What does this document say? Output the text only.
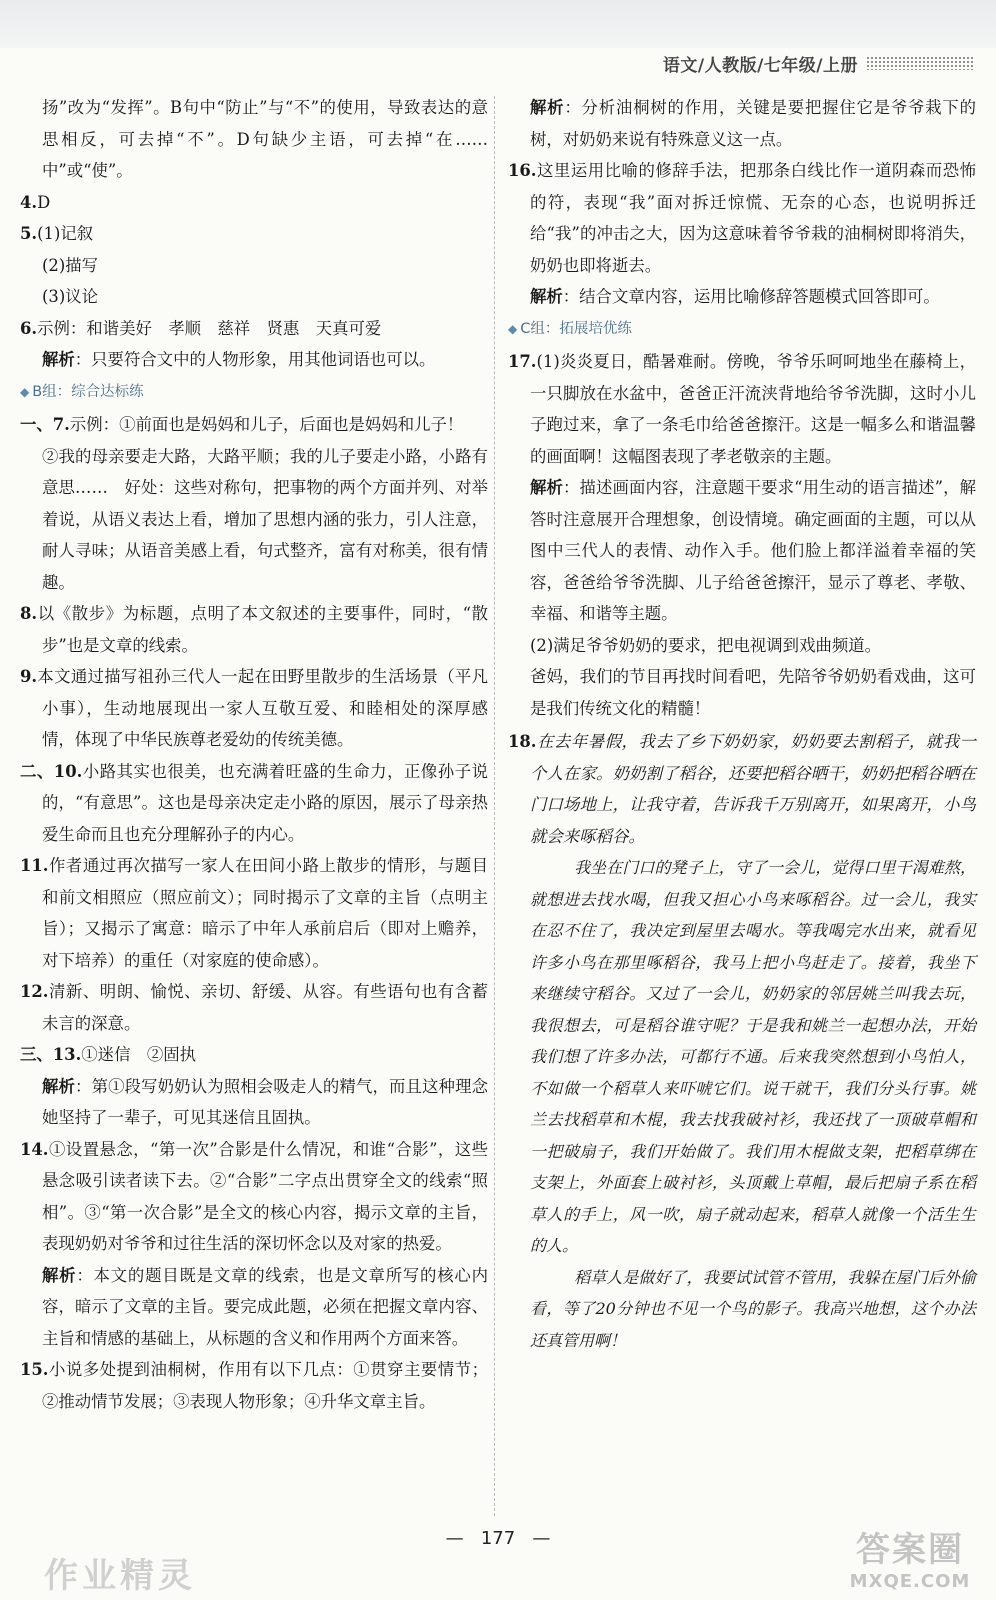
语文/人教版/七年级/上册

扬”改为“发挥”。B句中“防止”与“不”的使用，导致表达的意思相反，可去掉“不”。D句缺少主语，可去掉“在……中”或“使”。

4.D

5.(1)记叙

(2)描写

(3)议论

6.示例：和谐美好　孝顺　慈祥　贤惠　天真可爱

解析：只要符合文中的人物形象，用其他词语也可以。

◆ B组：综合达标练

一、7.示例：①前面也是妈妈和儿子，后面也是妈妈和儿子！

②我的母亲要走大路，大路平顺；我的儿子要走小路，小路有意思……　好处：这些对称句，把事物的两个方面并列、对举着说，从语义表达上看，增加了思想内涵的张力，引人注意，耐人寻味；从语音美感上看，句式整齐，富有对称美，很有情趣。

8.以《散步》为标题，点明了本文叙述的主要事件，同时，“散步”也是文章的线索。

9.本文通过描写祖孙三代人一起在田野里散步的生活场景（平凡小事），生动地展现出一家人互敬互爱、和睦相处的深厚感情，体现了中华民族尊老爱幼的传统美德。

二、10.小路其实也很美，也充满着旺盛的生命力，正像孙子说的，“有意思”。这也是母亲决定走小路的原因，展示了母亲热爱生命而且也充分理解孙子的内心。

11.作者通过再次描写一家人在田间小路上散步的情形，与题目和前文相照应（照应前文）；同时揭示了文章的主旨（点明主旨）；又揭示了寓意：暗示了中年人承前启后（即对上赡养，对下培养）的重任（对家庭的使命感）。

12.清新、明朗、愉悦、亲切、舒缓、从容。有些语句也有含蓄未言的深意。

三、13.①迷信　②固执

解析：第①段写奶奶认为照相会吸走人的精气，而且这种理念她坚持了一辈子，可见其迷信且固执。

14.①设置悬念，“第一次”合影是什么情况，和谁“合影”，这些悬念吸引读者读下去。②“合影”二字点出贯穿全文的线索“照相”。③“第一次合影”是全文的核心内容，揭示文章的主旨，表现奶奶对爷爷和过往生活的深切怀念以及对家的热爱。

解析：本文的题目既是文章的线索，也是文章所写的核心内容，暗示了文章的主旨。要完成此题，必须在把握文章内容、主旨和情感的基础上，从标题的含义和作用两个方面来答。

15.小说多处提到油桐树，作用有以下几点：①贯穿主要情节；②推动情节发展；③表现人物形象；④升华文章主旨。

解析：分析油桐树的作用，关键是要把握住它是爷爷栽下的树，对奶奶来说有特殊意义这一点。

16.这里运用比喻的修辞手法，把那条白线比作一道阴森而恐怖的符，表现“我”面对拆迁惊慌、无奈的心态，也说明拆迁给“我”的冲击之大，因为这意味着爷爷栽的油桐树即将消失，奶奶也即将逝去。

解析：结合文章内容，运用比喻修辞答题模式回答即可。

◆ C组：拓展培优练

17.(1)炎炎夏日，酷暑难耐。傍晚，爷爷乐呵呵地坐在藤椅上，一只脚放在水盆中，爸爸正汗流浃背地给爷爷洗脚，这时小儿子跑过来，拿了一条毛巾给爸爸擦汗。这是一幅多么和谐温馨的画面啊！这幅图表现了孝老敬亲的主题。

解析：描述画面内容，注意题干要求“用生动的语言描述”，解答时注意展开合理想象，创设情境。确定画面的主题，可以从图中三代人的表情、动作入手。他们脸上都洋溢着幸福的笑容，爸爸给爷爷洗脚、儿子给爸爸擦汗，显示了尊老、孝敬、幸福、和谐等主题。

(2)满足爷爷奶奶的要求，把电视调到戏曲频道。

爸妈，我们的节目再找时间看吧，先陪爷爷奶奶看戏曲，这可是我们传统文化的精髓！

18.在去年暑假，我去了乡下奶奶家，奶奶要去割稻子，就我一个人在家。奶奶割了稻谷，还要把稻谷晒干，奶奶把稻谷晒在门口场地上，让我守着，告诉我千万别离开，如果离开，小鸟就会来啄稻谷。

我坐在门口的凳子上，守了一会儿，觉得口里干渴难熬，就想进去找水喝，但我又担心小鸟来啄稻谷。过一会儿，我实在忍不住了，我决定到屋里去喝水。等我喝完水出来，就看见许多小鸟在那里啄稻谷，我马上把小鸟赶走了。接着，我坐下来继续守稻谷。又过了一会儿，奶奶家的邻居姚兰叫我去玩，我很想去，可是稻谷谁守呢？于是我和姚兰一起想办法，开始我们想了许多办法，可都行不通。后来我突然想到小鸟怕人，不如做一个稻草人来吓唬它们。说干就干，我们分头行事。姚兰去找稻草和木棍，我去找我破衬衫，我还找了一顶破草帽和一把破扇子，我们开始做了。我们用木棍做支架，把稻草绑在支架上，外面套上破衬衫，头顶戴上草帽，最后把扇子系在稻草人的手上，风一吹，扇子就动起来，稻草人就像一个活生生的人。

稻草人是做好了，我要试试管不管用，我躲在屋门后外偷看，等了20分钟也不见一个鸟的影子。我高兴地想，这个办法还真管用啊！

— 177 —
作业精灵
答案圈
MXQE.COM
